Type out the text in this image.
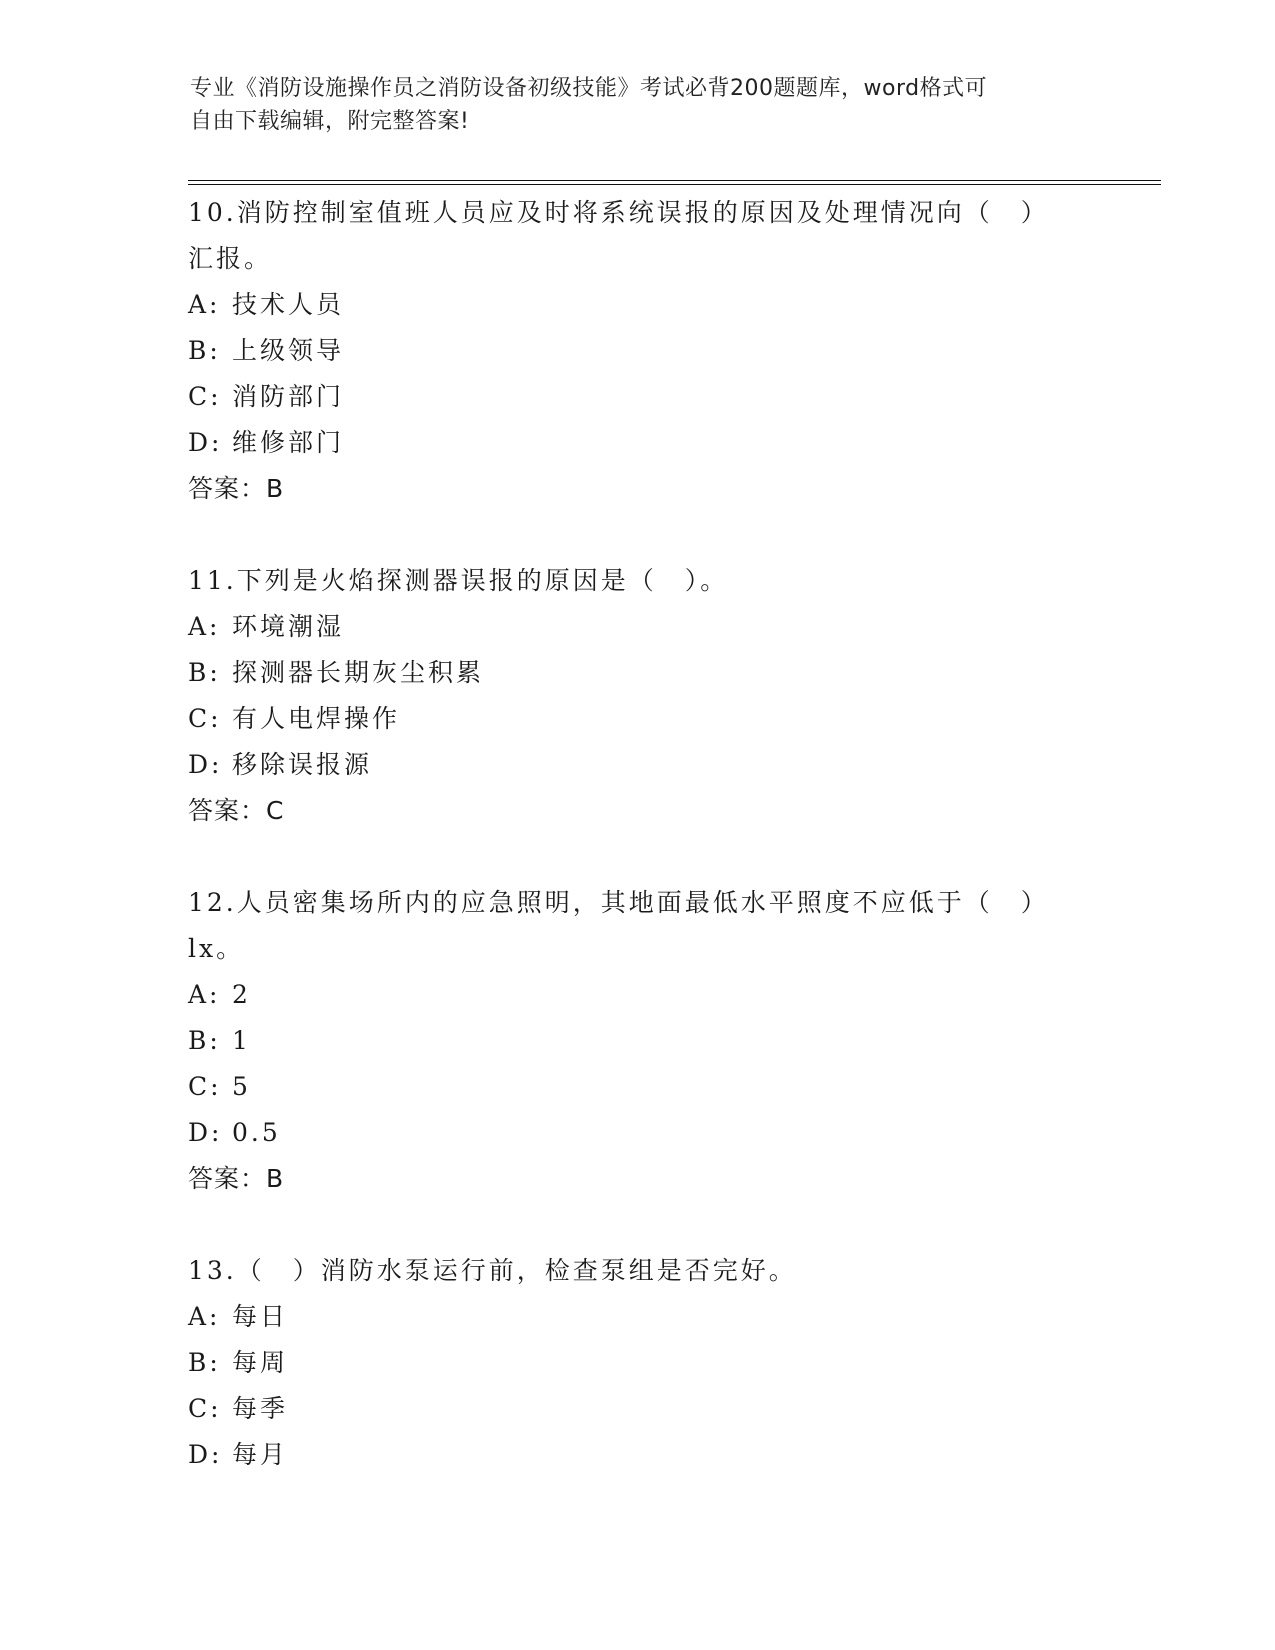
专业《消防设施操作员之消防设备初级技能》考试必背200题题库，word格式可
自由下载编辑，附完整答案!

10.消防控制室值班人员应及时将系统误报的原因及处理情况向（　）

汇报。

A: 技术人员

B: 上级领导

C: 消防部门

D: 维修部门

答案：B

11.下列是火焰探测器误报的原因是（　）。

A: 环境潮湿

B: 探测器长期灰尘积累

C: 有人电焊操作

D: 移除误报源

答案：C

12.人员密集场所内的应急照明，其地面最低水平照度不应低于（　）

lx。

A: 2

B: 1

C: 5

D: 0.5

答案：B

13.（　）消防水泵运行前，检查泵组是否完好。

A: 每日

B: 每周

C: 每季

D: 每月
